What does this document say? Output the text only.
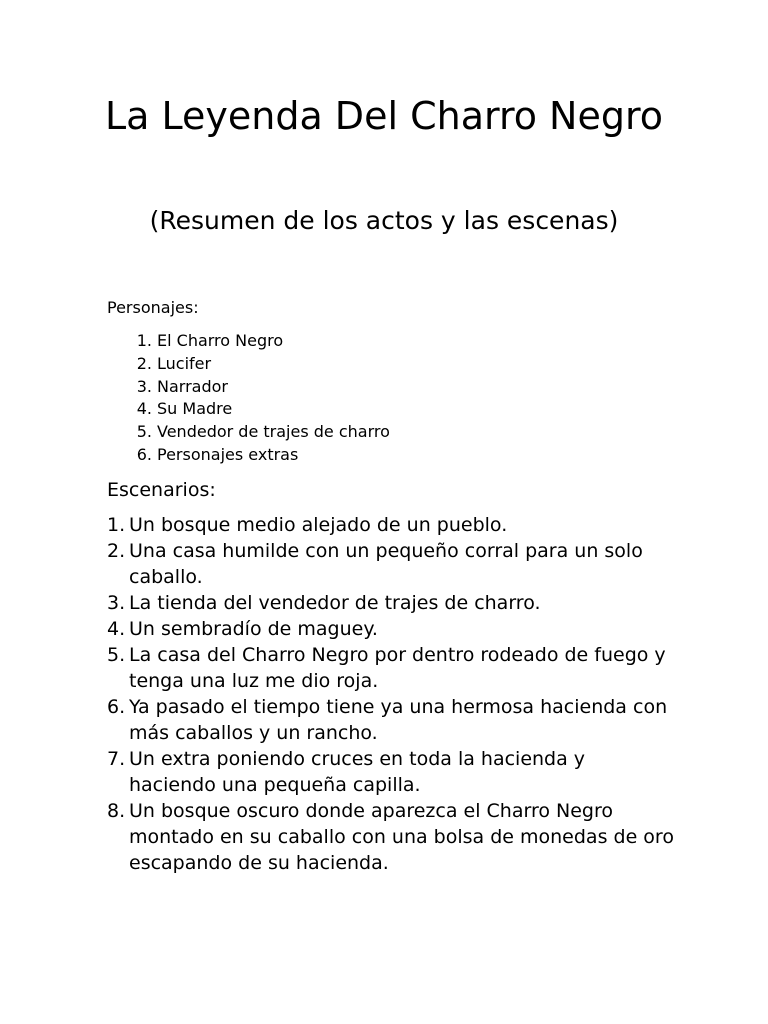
La Leyenda Del Charro Negro

(Resumen de los actos y las escenas)

Personajes:

1. El Charro Negro
2. Lucifer
3. Narrador
4. Su Madre
5. Vendedor de trajes de charro
6. Personajes extras

Escenarios:

1. Un bosque medio alejado de un pueblo.
2. Una casa humilde con un pequeño corral para un solo caballo.
3. La tienda del vendedor de trajes de charro.
4. Un sembradío de maguey.
5. La casa del Charro Negro por dentro rodeado de fuego y tenga una luz me dio roja.
6. Ya pasado el tiempo tiene ya una hermosa hacienda con más caballos y un rancho.
7. Un extra poniendo cruces en toda la hacienda y haciendo una pequeña capilla.
8. Un bosque oscuro donde aparezca el Charro Negro montado en su caballo con una bolsa de monedas de oro escapando de su hacienda.
